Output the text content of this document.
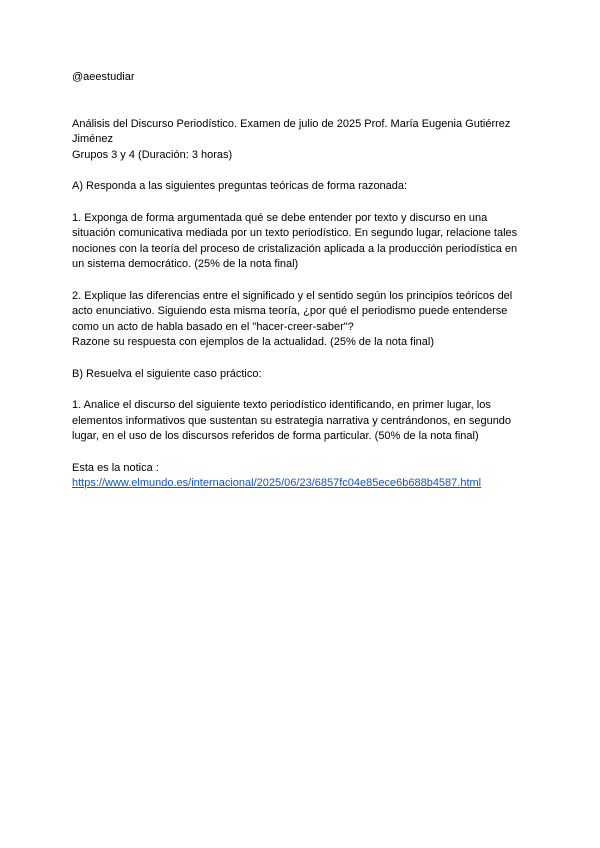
@aeestudiar
Análisis del Discurso Periodístico. Examen de julio de 2025 Prof. María Eugenia Gutiérrez Jiménez
Grupos 3 y 4 (Duración: 3 horas)
A) Responda a las siguientes preguntas teóricas de forma razonada:
1. Exponga de forma argumentada qué se debe entender por texto y discurso en una situación comunicativa mediada por un texto periodístico. En segundo lugar, relacione tales nociones con la teoría del proceso de cristalización aplicada a la producción periodística en un sistema democrático. (25% de la nota final)
2. Explique las diferencias entre el significado y el sentido según los principios teóricos del acto enunciativo. Siguiendo esta misma teoría, ¿por qué el periodismo puede entenderse como un acto de habla basado en el "hacer-creer-saber"?
Razone su respuesta con ejemplos de la actualidad. (25% de la nota final)
B) Resuelva el siguiente caso práctico:
1. Analice el discurso del siguiente texto periodístico identificando, en primer lugar, los elementos informativos que sustentan su estrategia narrativa y centrándonos, en segundo lugar, en el uso de los discursos referidos de forma particular. (50% de la nota final)
Esta es la notica :
https://www.elmundo.es/internacional/2025/06/23/6857fc04e85ece6b688b4587.html
